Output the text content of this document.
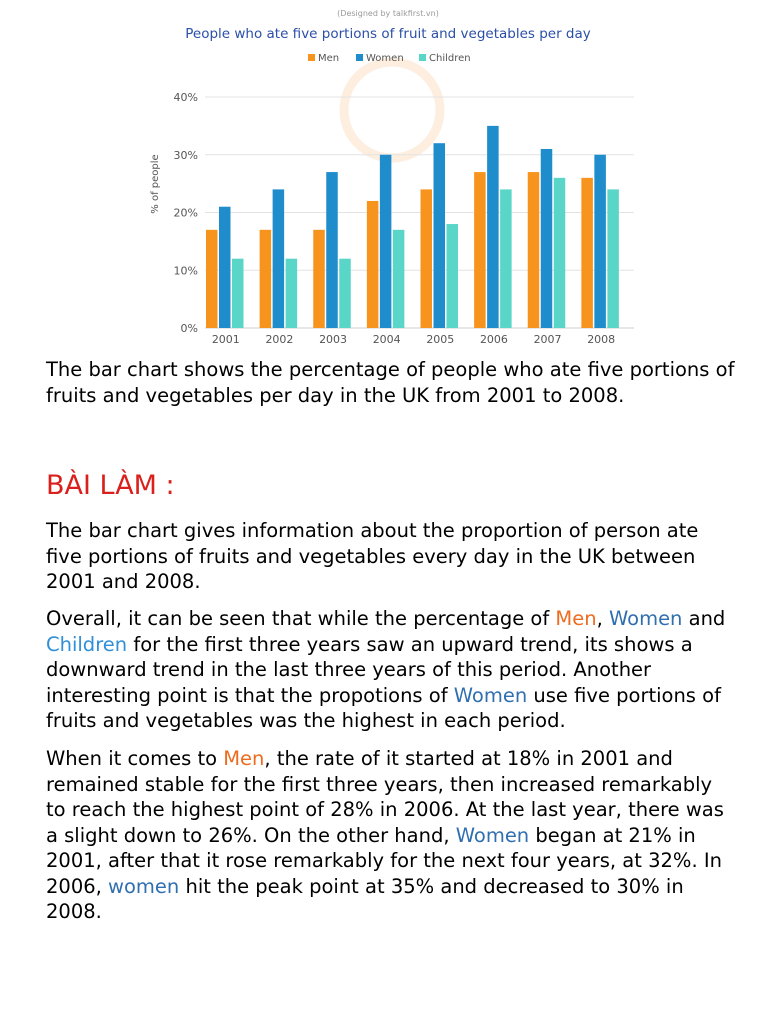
(Designed by talkfirst.vn)
People who ate five portions of fruit and vegetables per day
Men	Women	Children
0%
10%
20%
30%
40%
% of people
2001 2002 2003 2004 2005 2006 2007 2008

The bar chart shows the percentage of people who ate five portions of fruits and vegetables per day in the UK from 2001 to 2008.

BÀI LÀM :

The bar chart gives information about the proportion of person ate five portions of fruits and vegetables every day in the UK between 2001 and 2008.

Overall, it can be seen that while the percentage of Men, Women and Children for the first three years saw an upward trend, its shows a downward trend in the last three years of this period. Another interesting point is that the propotions of Women use five portions of fruits and vegetables was the highest in each period.

When it comes to Men, the rate of it started at 18% in 2001 and remained stable for the first three years, then increased remarkably to reach the highest point of 28% in 2006. At the last year, there was a slight down to 26%. On the other hand, Women began at 21% in 2001, after that it rose remarkably for the next four years, at 32%. In 2006, women hit the peak point at 35% and decreased to 30% in 2008.
